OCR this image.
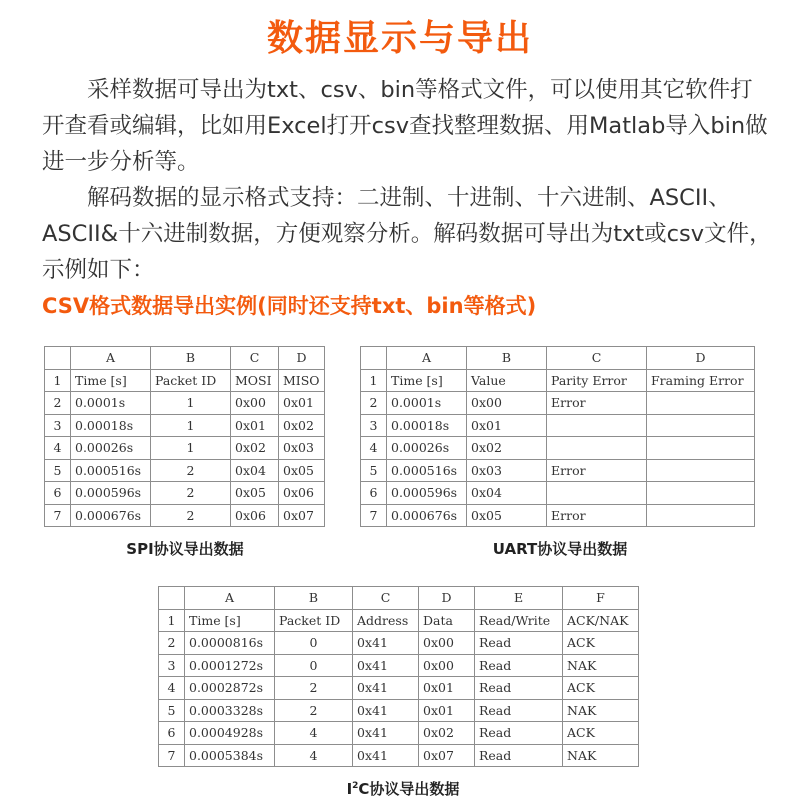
数据显示与导出

采样数据可导出为txt、csv、bin等格式文件，可以使用其它软件打开查看或编辑，比如用Excel打开csv查找整理数据、用Matlab导入bin做进一步分析等。

解码数据的显示格式支持：二进制、十进制、十六进制、ASCII、ASCII&十六进制数据，方便观察分析。解码数据可导出为txt或csv文件，示例如下：

CSV格式数据导出实例(同时还支持txt、bin等格式)
	A	B	C	D
1	Time [s]	Packet ID	MOSI	MISO
2	0.0001s	1	0x00	0x01
3	0.00018s	1	0x01	0x02
4	0.00026s	1	0x02	0x03
5	0.000516s	2	0x04	0x05
6	0.000596s	2	0x05	0x06
7	0.000676s	2	0x06	0x07
SPI协议导出数据
	A	B	C	D
1	Time [s]	Value	Parity Error	Framing Error
2	0.0001s	0x00	Error	
3	0.00018s	0x01		
4	0.00026s	0x02		
5	0.000516s	0x03	Error	
6	0.000596s	0x04		
7	0.000676s	0x05	Error	
UART协议导出数据
	A	B	C	D	E	F
1	Time [s]	Packet ID	Address	Data	Read/Write	ACK/NAK
2	0.0000816s	0	0x41	0x00	Read	ACK
3	0.0001272s	0	0x41	0x00	Read	NAK
4	0.0002872s	2	0x41	0x01	Read	ACK
5	0.0003328s	2	0x41	0x01	Read	NAK
6	0.0004928s	4	0x41	0x02	Read	ACK
7	0.0005384s	4	0x41	0x07	Read	NAK
$I^2C$协议导出数据
